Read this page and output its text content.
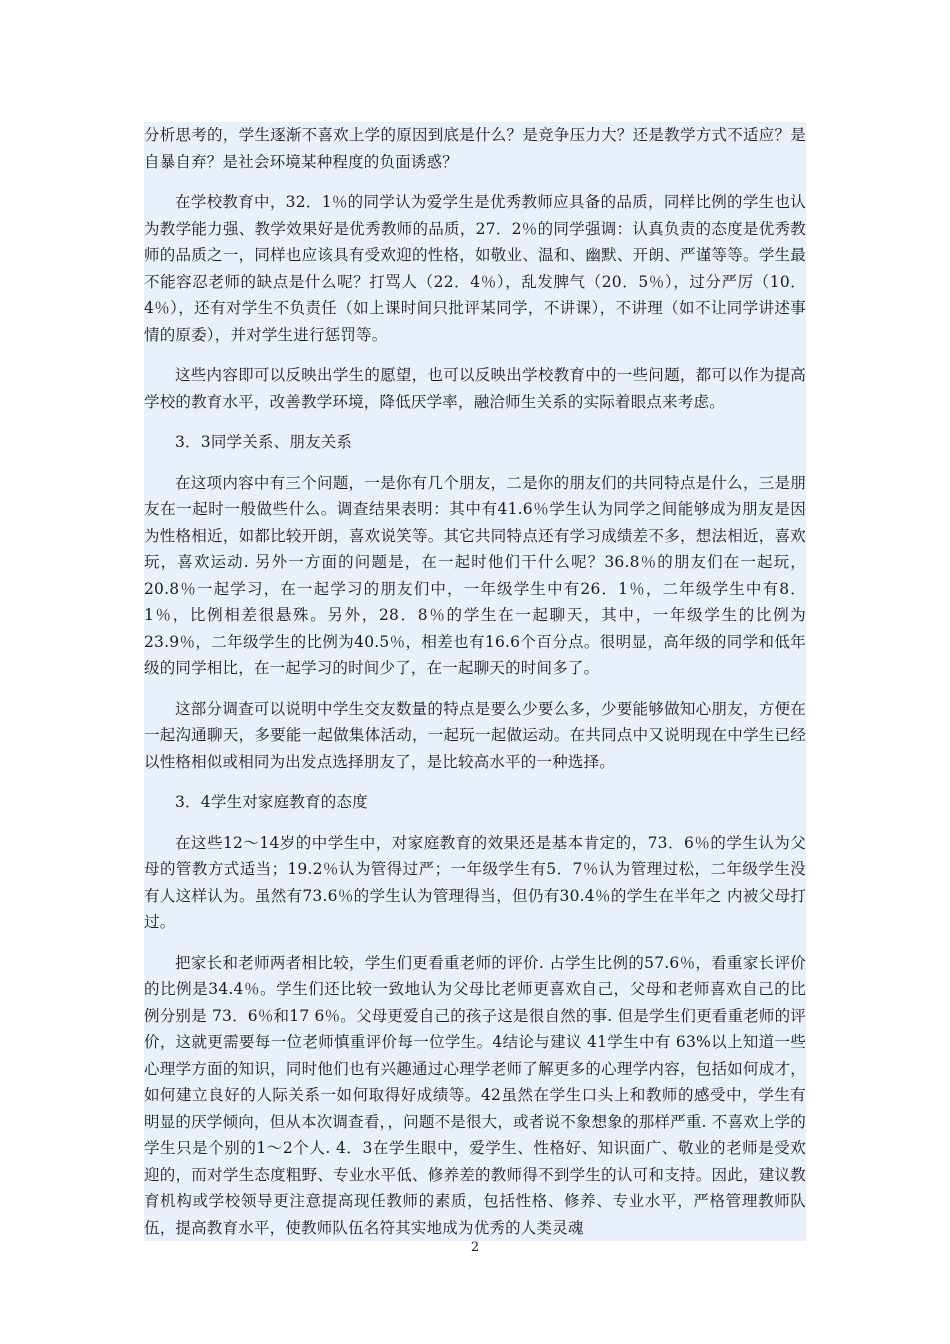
分析思考的，学生逐渐不喜欢上学的原因到底是什么？是竞争压力大？还是教学方式不适应？是自暴自弃？是社会环境某种程度的负面诱惑？

在学校教育中，32．1％的同学认为爱学生是优秀教师应具备的品质，同样比例的学生也认为教学能力强、教学效果好是优秀教师的品质，27．2％的同学强调：认真负责的态度是优秀教师的品质之一，同样也应该具有受欢迎的性格，如敬业、温和、幽默、开朗、严谨等等。学生最不能容忍老师的缺点是什么呢？打骂人（22．4％），乱发脾气（20．5％），过分严厉（10．4％），还有对学生不负责任（如上课时间只批评某同学，不讲课），不讲理（如不让同学讲述事情的原委），并对学生进行惩罚等。

这些内容即可以反映出学生的愿望，也可以反映出学校教育中的一些问题，都可以作为提高学校的教育水平，改善教学环境，降低厌学率，融洽师生关系的实际着眼点来考虑。

3．3同学关系、朋友关系

在这项内容中有三个问题，一是你有几个朋友，二是你的朋友们的共同特点是什么，三是朋友在一起时一般做些什么。调查结果表明：其中有41.6％学生认为同学之间能够成为朋友是因为性格相近，如都比较开朗，喜欢说笑等。其它共同特点还有学习成绩差不多，想法相近，喜欢玩，喜欢运动. 另外一方面的问题是，在一起时他们干什么呢？36.8％的朋友们在一起玩，20.8％一起学习，在一起学习的朋友们中，一年级学生中有26．1％，二年级学生中有8．1％，比例相差很悬殊。另外，28．8％的学生在一起聊天，其中，一年级学生的比例为23.9％，二年级学生的比例为40.5％，相差也有16.6个百分点。很明显，高年级的同学和低年级的同学相比，在一起学习的时间少了，在一起聊天的时间多了。

这部分调查可以说明中学生交友数量的特点是要么少要么多，少要能够做知心朋友，方便在一起沟通聊天，多要能一起做集体活动，一起玩一起做运动。在共同点中又说明现在中学生已经以性格相似或相同为出发点选择朋友了，是比较高水平的一种选择。

3．4学生对家庭教育的态度

在这些12～14岁的中学生中，对家庭教育的效果还是基本肯定的，73．6％的学生认为父母的管教方式适当；19.2％认为管得过严；一年级学生有5．7％认为管理过松，二年级学生没有人这样认为。虽然有73.6％的学生认为管理得当，但仍有30.4％的学生在半年之 内被父母打过。

把家长和老师两者相比较，学生们更看重老师的评价. 占学生比例的57.6％，看重家长评价的比例是34.4％。学生们还比较一致地认为父母比老师更喜欢自己，父母和老师喜欢自己的比例分别是 73．6％和17 6％。父母更爱自己的孩子这是很自然的事. 但是学生们更看重老师的评价，这就更需要每一位老师慎重评价每一位学生。4结论与建议 41学生中有 63%以上知道一些心理学方面的知识，同时他们也有兴趣通过心理学老师了解更多的心理学内容，包括如何成才，如何建立良好的人际关系一如何取得好成绩等。42虽然在学生口头上和教师的感受中，学生有明显的厌学倾向，但从本次调查看，，问题不是很大，或者说不象想象的那样严重. 不喜欢上学的学生只是个别的1～2个人. 4．3在学生眼中，爱学生、性格好、知识面广、敬业的老师是受欢迎的，而对学生态度粗野、专业水平低、修养差的教师得不到学生的认可和支持。因此，建议教育机构或学校领导更注意提高现任教师的素质，包括性格、修养、专业水平，严格管理教师队伍，提高教育水平，使教师队伍名符其实地成为优秀的人类灵魂

2
